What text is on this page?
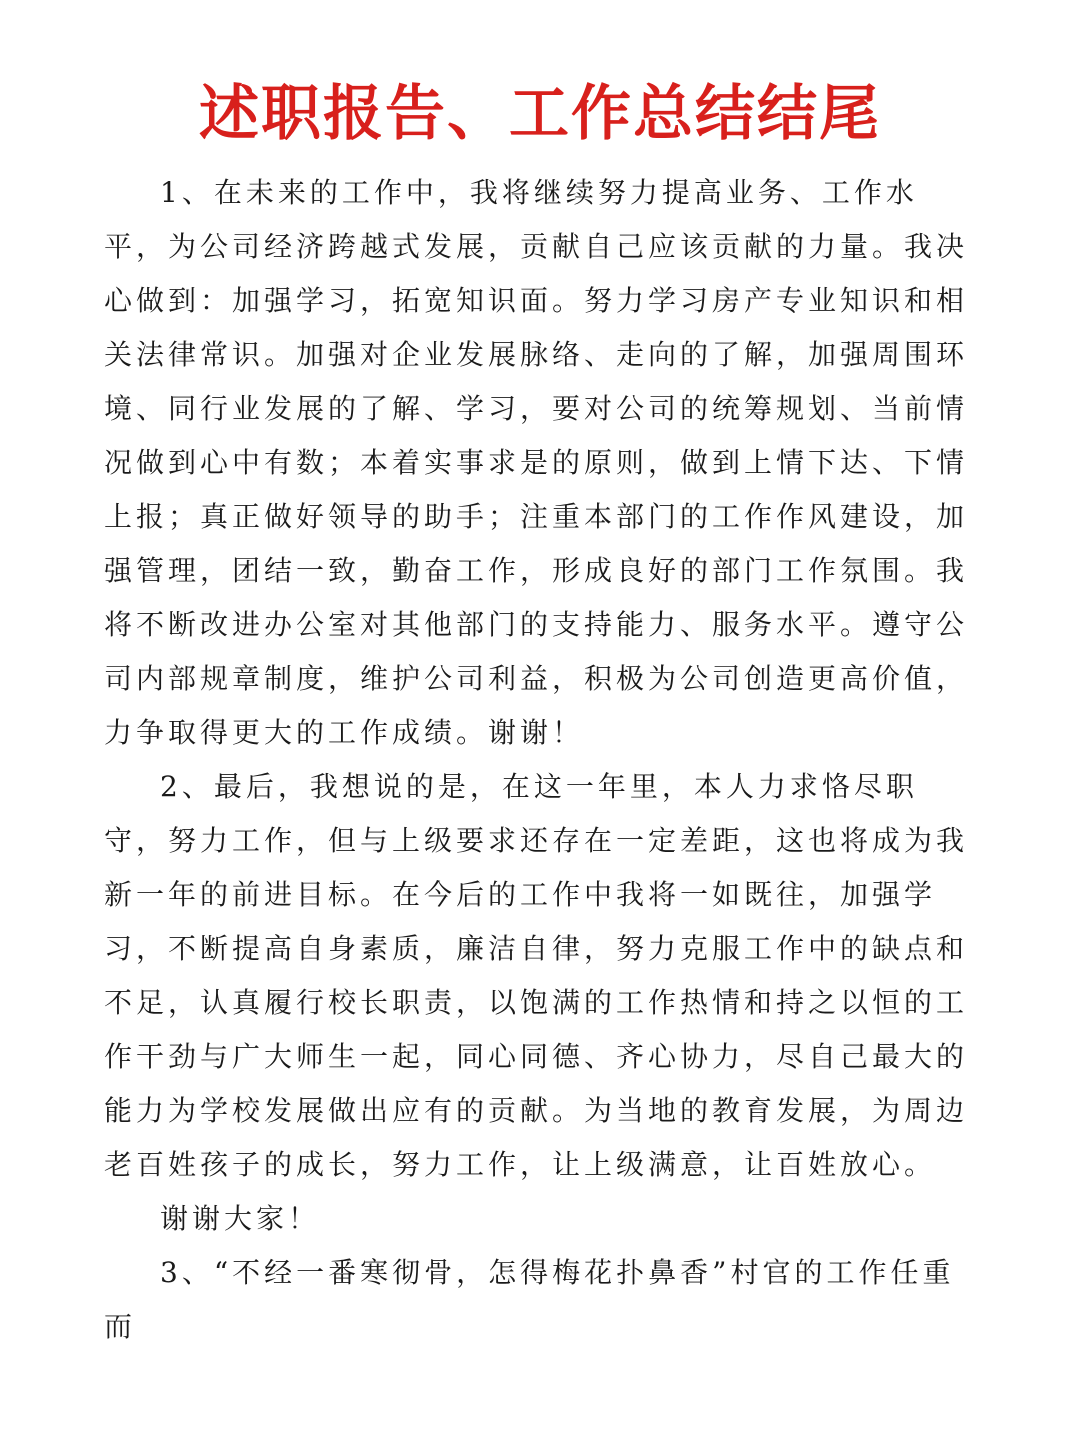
述职报告、工作总结结尾

1、在未来的工作中，我将继续努力提高业务、工作水平，为公司经济跨越式发展，贡献自己应该贡献的力量。我决心做到：加强学习，拓宽知识面。努力学习房产专业知识和相关法律常识。加强对企业发展脉络、走向的了解，加强周围环境、同行业发展的了解、学习，要对公司的统筹规划、当前情况做到心中有数；本着实事求是的原则，做到上情下达、下情上报；真正做好领导的助手；注重本部门的工作作风建设，加强管理，团结一致，勤奋工作，形成良好的部门工作氛围。我将不断改进办公室对其他部门的支持能力、服务水平。遵守公司内部规章制度，维护公司利益，积极为公司创造更高价值，力争取得更大的工作成绩。谢谢！

2、最后，我想说的是，在这一年里，本人力求恪尽职守，努力工作，但与上级要求还存在一定差距，这也将成为我新一年的前进目标。在今后的工作中我将一如既往，加强学习，不断提高自身素质，廉洁自律，努力克服工作中的缺点和不足，认真履行校长职责，以饱满的工作热情和持之以恒的工作干劲与广大师生一起，同心同德、齐心协力，尽自己最大的能力为学校发展做出应有的贡献。为当地的教育发展，为周边老百姓孩子的成长，努力工作，让上级满意，让百姓放心。

谢谢大家！

3、“不经一番寒彻骨，怎得梅花扑鼻香”村官的工作任重而
